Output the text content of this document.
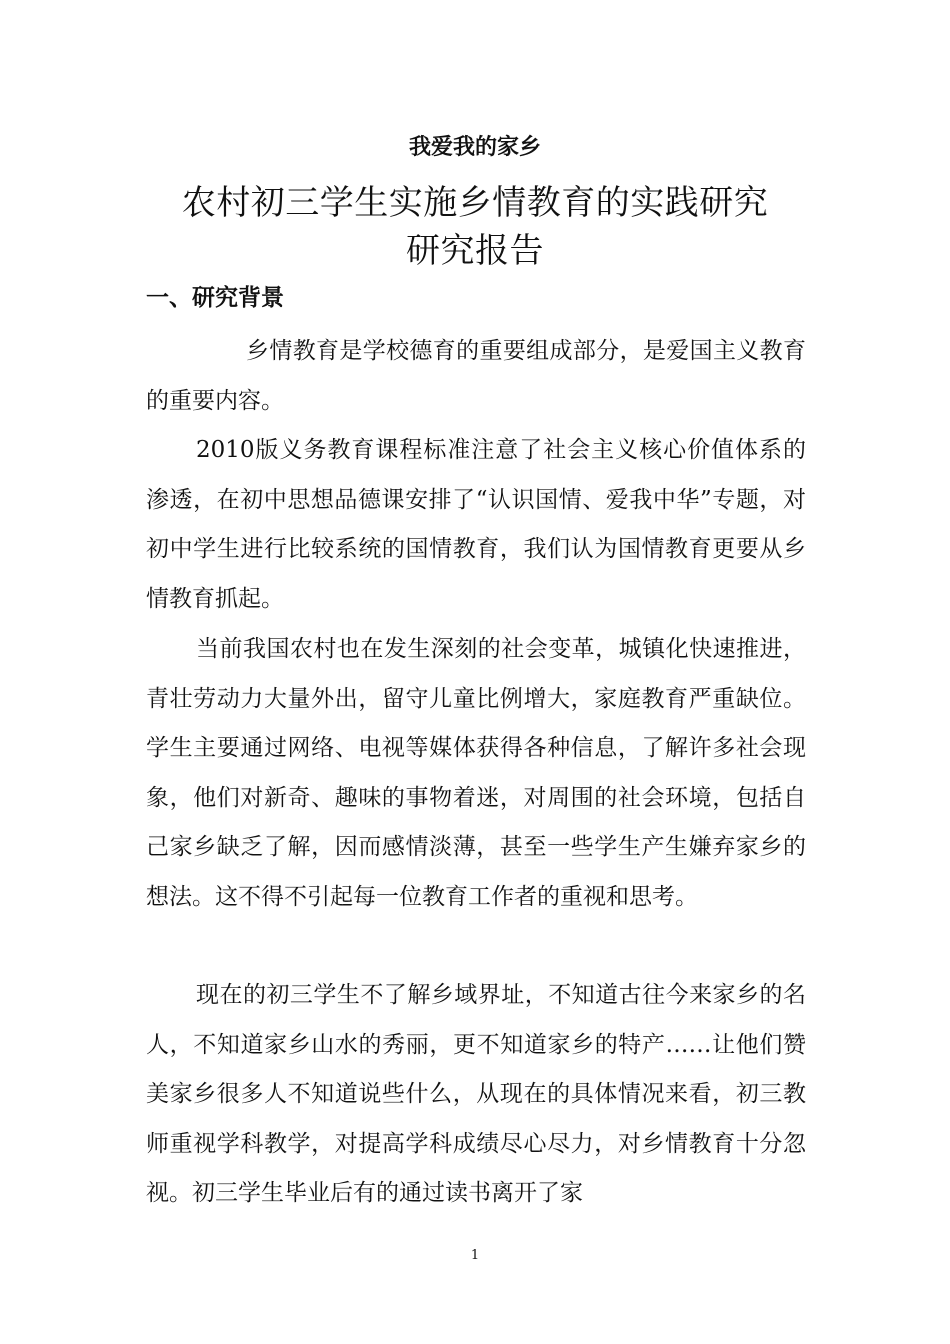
我爱我的家乡
农村初三学生实施乡情教育的实践研究
研究报告
一、研究背景
乡情教育是学校德育的重要组成部分，是爱国主义教育的重要内容。
2010版义务教育课程标准注意了社会主义核心价值体系的渗透，在初中思想品德课安排了“认识国情、爱我中华”专题，对初中学生进行比较系统的国情教育，我们认为国情教育更要从乡情教育抓起。
当前我国农村也在发生深刻的社会变革，城镇化快速推进，青壮劳动力大量外出，留守儿童比例增大，家庭教育严重缺位。学生主要通过网络、电视等媒体获得各种信息，了解许多社会现象，他们对新奇、趣味的事物着迷，对周围的社会环境，包括自己家乡缺乏了解，因而感情淡薄，甚至一些学生产生嫌弃家乡的想法。这不得不引起每一位教育工作者的重视和思考。
现在的初三学生不了解乡域界址，不知道古往今来家乡的名人，不知道家乡山水的秀丽，更不知道家乡的特产……让他们赞美家乡很多人不知道说些什么，从现在的具体情况来看，初三教师重视学科教学，对提高学科成绩尽心尽力，对乡情教育十分忽视。初三学生毕业后有的通过读书离开了家
1
